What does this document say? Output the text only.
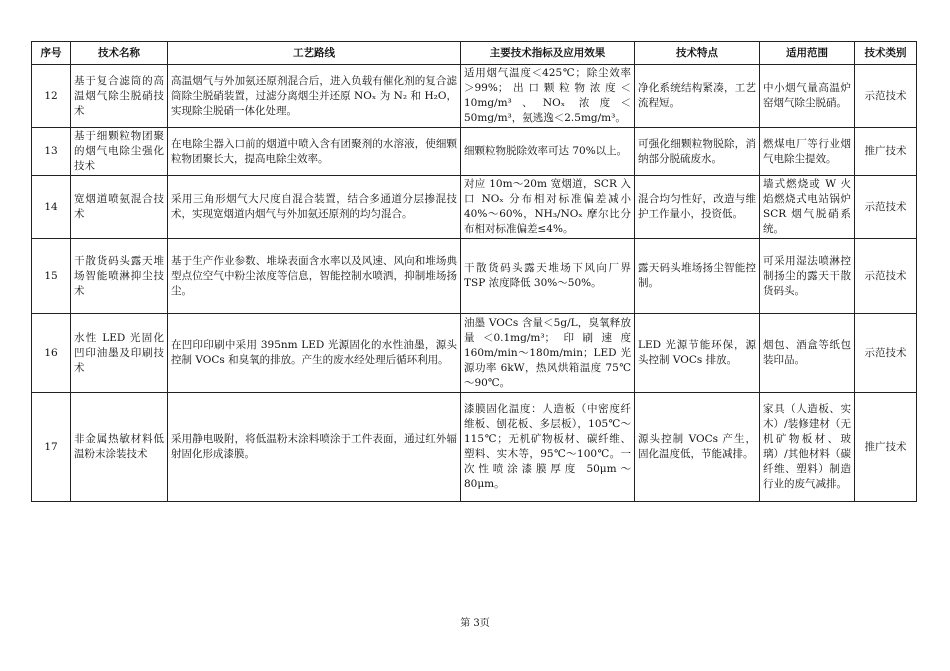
序号	技术名称	工艺路线	主要技术指标及应用效果	技术特点	适用范围	技术类别
12	基于复合滤筒的高温烟气除尘脱硝技术	高温烟气与外加氨还原剂混合后，进入负载有催化剂的复合滤筒除尘脱硝装置，过滤分离烟尘并还原 NOₓ 为 N₂ 和 H₂O，实现除尘脱硝一体化处理。	适用烟气温度＜425℃；除尘效率＞99%；出口颗粒物浓度＜10mg/m³、NOₓ 浓度＜50mg/m³，氨逃逸＜2.5mg/m³。	净化系统结构紧凑，工艺流程短。	中小烟气量高温炉窑烟气除尘脱硝。	示范技术
13	基于细颗粒物团聚的烟气电除尘强化技术	在电除尘器入口前的烟道中喷入含有团聚剂的水溶液，使细颗粒物团聚长大，提高电除尘效率。	细颗粒物脱除效率可达 70%以上。	可强化细颗粒物脱除，消纳部分脱硫废水。	燃煤电厂等行业烟气电除尘提效。	推广技术
14	宽烟道喷氨混合技术	采用三角形烟气大尺度自混合装置，结合多通道分层掺混技术，实现宽烟道内烟气与外加氨还原剂的均匀混合。	对应 10m～20m 宽烟道，SCR 入口 NOₓ 分布相对标准偏差减小 40%～60%，NH₃/NOₓ 摩尔比分布相对标准偏差≤4%。	混合均匀性好，改造与维护工作量小，投资低。	墙式燃烧或 W 火焰燃烧式电站锅炉 SCR 烟气脱硝系统。	示范技术
15	干散货码头露天堆场智能喷淋抑尘技术	基于生产作业参数、堆垛表面含水率以及风速、风向和堆场典型点位空气中粉尘浓度等信息，智能控制水喷洒，抑制堆场扬尘。	干散货码头露天堆场下风向厂界 TSP 浓度降低 30%～50%。	露天码头堆场扬尘智能控制。	可采用湿法喷淋控制扬尘的露天干散货码头。	示范技术
16	水性 LED 光固化凹印油墨及印刷技术	在凹印印刷中采用 395nm LED 光源固化的水性油墨，源头控制 VOCs 和臭氧的排放。产生的废水经处理后循环利用。	油墨 VOCs 含量＜5g/L，臭氧释放量＜0.1mg/m³；印刷速度 160m/min～180m/min；LED 光源功率 6kW，热风烘箱温度 75℃～90℃。	LED 光源节能环保，源头控制 VOCs 排放。	烟包、酒盒等纸包装印品。	示范技术
17	非金属热敏材料低温粉末涂装技术	采用静电吸附，将低温粉末涂料喷涂于工件表面，通过红外辐射固化形成漆膜。	漆膜固化温度：人造板（中密度纤维板、刨花板、多层板），105℃～115℃；无机矿物板材、碳纤维、塑料、实木等，95℃～100℃。一次性喷涂漆膜厚度 50μm～80μm。	源头控制 VOCs 产生，固化温度低，节能减排。	家具（人造板、实木）/装修建材（无机矿物板材、玻璃）/其他材料（碳纤维、塑料）制造行业的废气减排。	推广技术
第 3页
